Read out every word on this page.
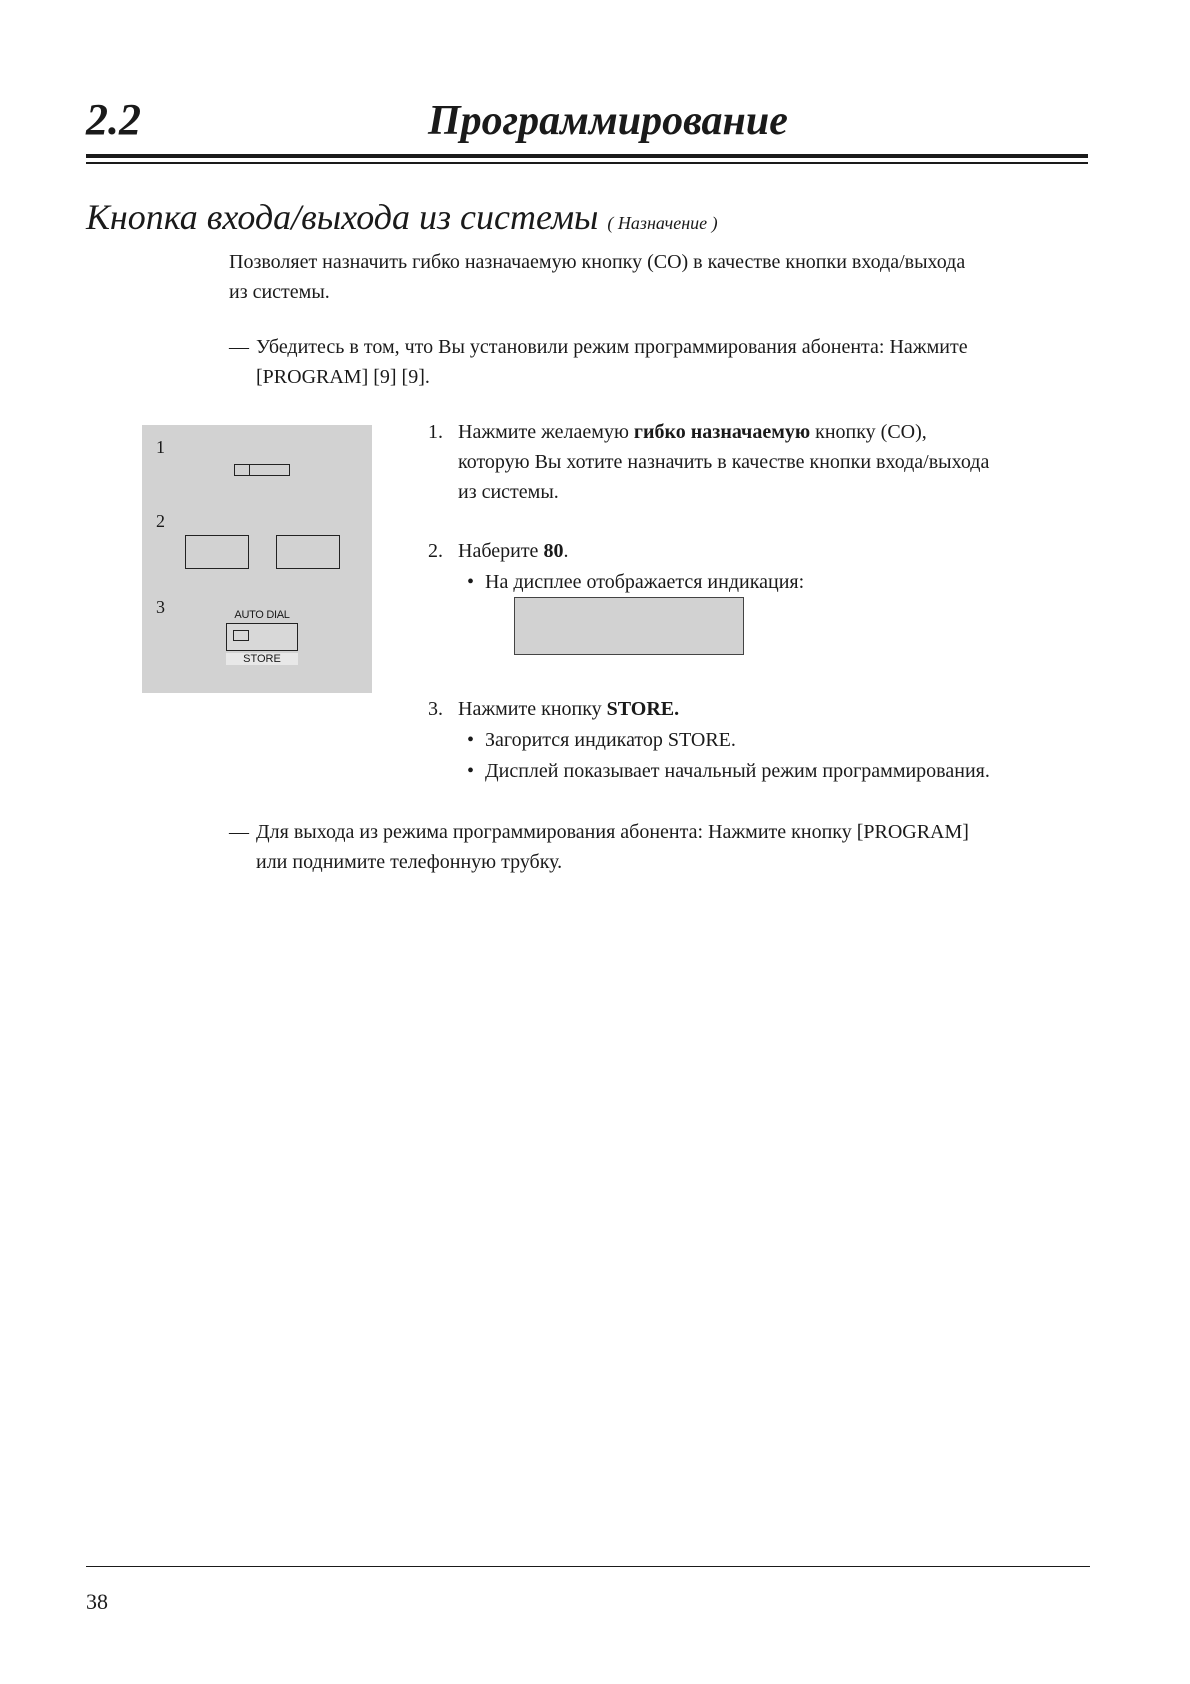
2.2	Программирование
Кнопка входа/выхода из системы ( Назначение )
Позволяет назначить гибко назначаемую кнопку (СО) в качестве кнопки входа/выхода
из системы.
— Убедитесь в том, что Вы установили режим программирования абонента: Нажмите
[PROGRAM] [9] [9].
1
2
3	AUTO DIAL
STORE
1. Нажмите желаемую гибко назначаемую кнопку (CO),
которую Вы хотите назначить в качестве кнопки входа/выхода
из системы.
2. Наберите 80.
• На дисплее отображается индикация:
3. Нажмите кнопку STORE.
• Загорится индикатор STORE.
• Дисплей показывает начальный режим программирования.
— Для выхода из режима программирования абонента: Нажмите кнопку [PROGRAM]
или поднимите телефонную трубку.
38
